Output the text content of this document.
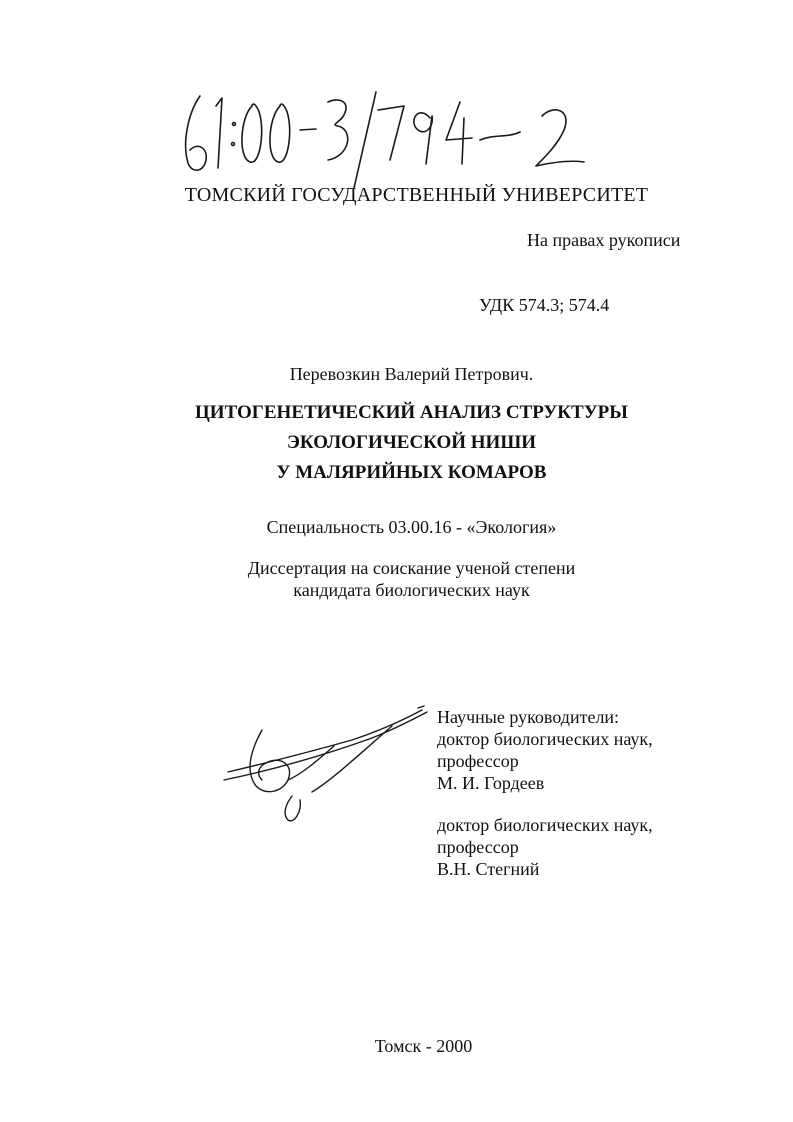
ТОМСКИЙ ГОСУДАРСТВЕННЫЙ УНИВЕРСИТЕТ
На правах рукописи
УДК 574.3; 574.4
Перевозкин Валерий Петрович.
ЦИТОГЕНЕТИЧЕСКИЙ АНАЛИЗ СТРУКТУРЫ
ЭКОЛОГИЧЕСКОЙ НИШИ
У МАЛЯРИЙНЫХ КОМАРОВ
Специальность 03.00.16 - «Экология»
Диссертация на соискание ученой степени
кандидата биологических наук
Научные руководители:
доктор биологических наук,
профессор
М. И. Гордеев
доктор биологических наук,
профессор
В.Н. Стегний
Томск - 2000
